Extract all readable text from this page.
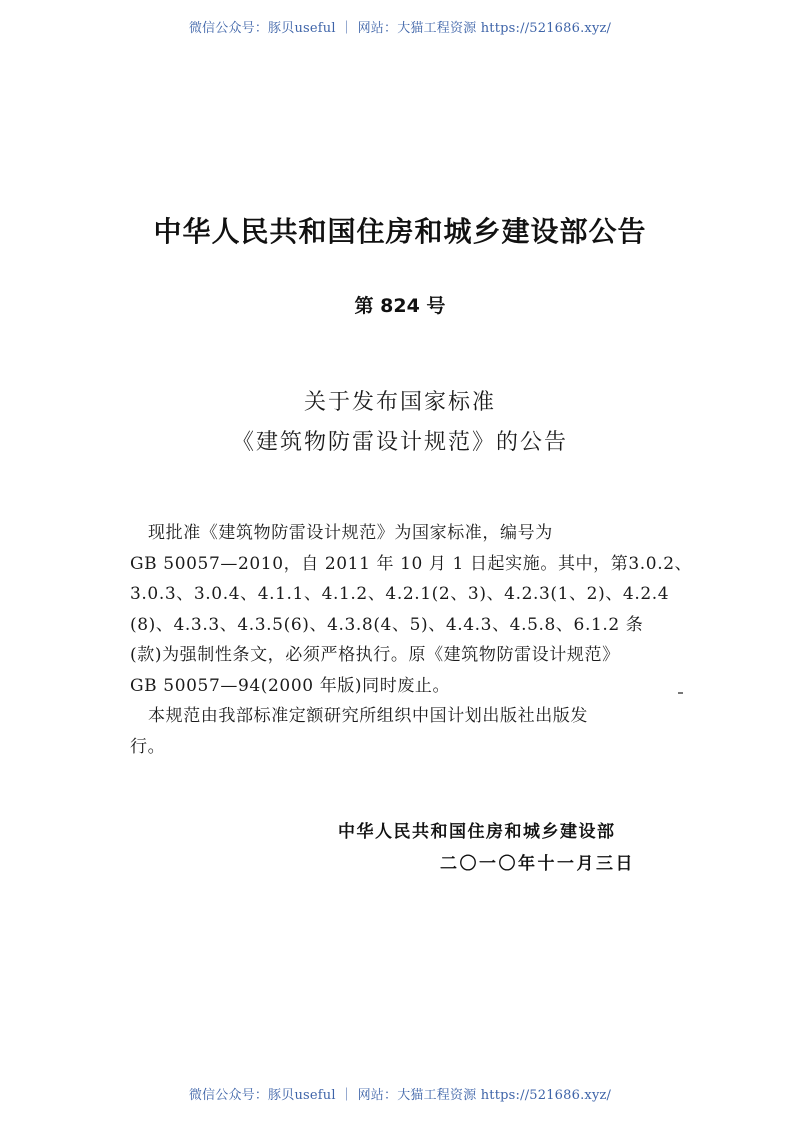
微信公众号：豚贝useful ｜ 网站：大猫工程资源 https://521686.xyz/
中华人民共和国住房和城乡建设部公告
第 824 号
关于发布国家标准
《建筑物防雷设计规范》的公告
现批准《建筑物防雷设计规范》为国家标准，编号为
GB 50057—2010，自 2011 年 10 月 1 日起实施。其中，第3.0.2、
3.0.3、3.0.4、4.1.1、4.1.2、4.2.1(2、3)、4.2.3(1、2)、4.2.4
(8)、4.3.3、4.3.5(6)、4.3.8(4、5)、4.4.3、4.5.8、6.1.2 条
(款)为强制性条文，必须严格执行。原《建筑物防雷设计规范》
GB 50057—94(2000 年版)同时废止。
本规范由我部标准定额研究所组织中国计划出版社出版发
行。
中华人民共和国住房和城乡建设部
二〇一〇年十一月三日
微信公众号：豚贝useful ｜ 网站：大猫工程资源 https://521686.xyz/
